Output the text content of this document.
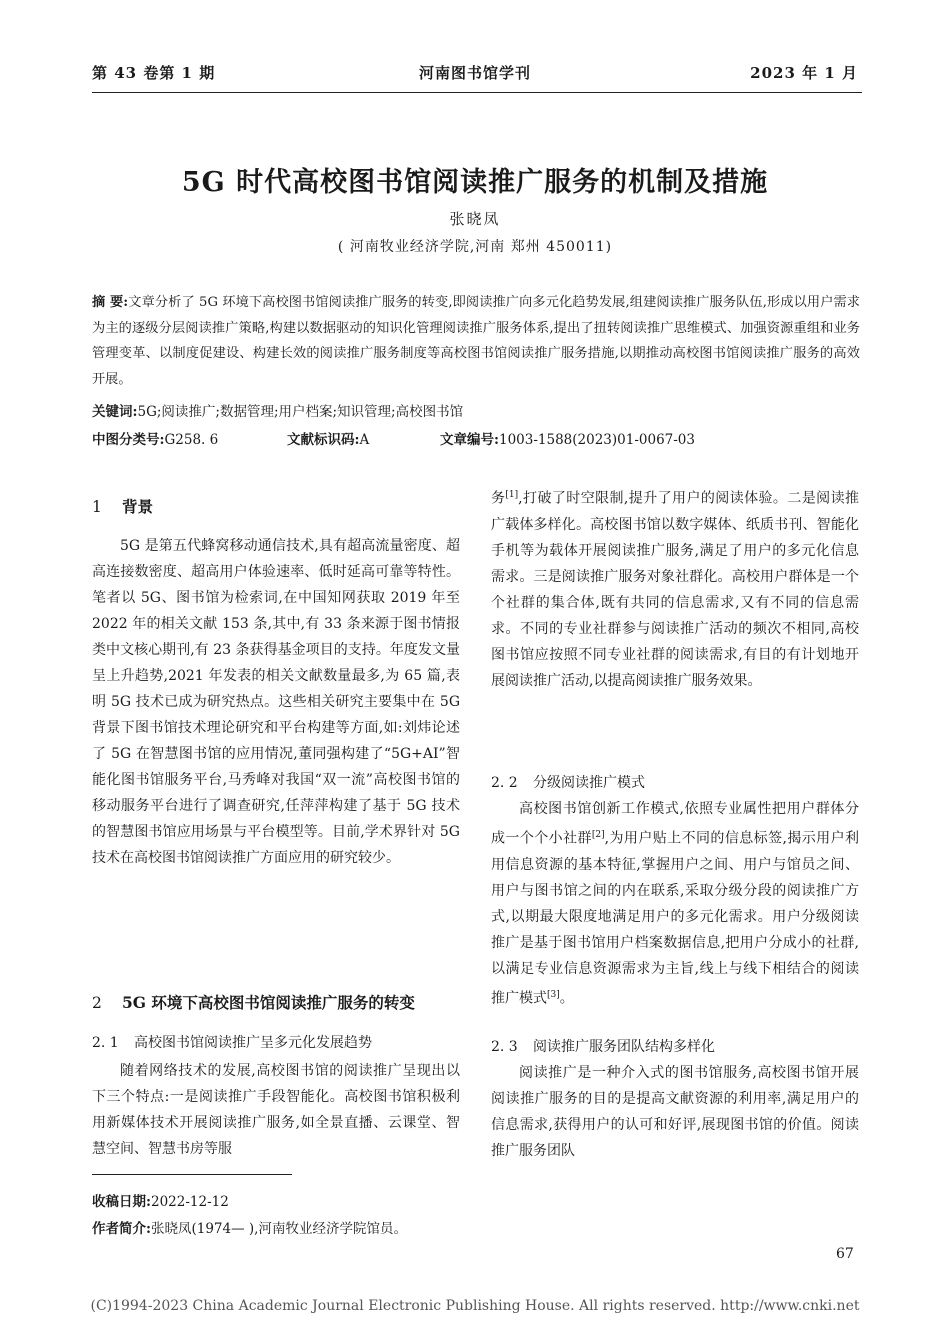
第 43 卷第 1 期	河南图书馆学刊	2023 年 1 月
5G 时代高校图书馆阅读推广服务的机制及措施
张晓凤
( 河南牧业经济学院,河南 郑州 450011)
摘 要:文章分析了 5G 环境下高校图书馆阅读推广服务的转变,即阅读推广向多元化趋势发展,组建阅读推广服务队伍,形成以用户需求为主的逐级分层阅读推广策略,构建以数据驱动的知识化管理阅读推广服务体系,提出了扭转阅读推广思维模式、加强资源重组和业务管理变革、以制度促建设、构建长效的阅读推广服务制度等高校图书馆阅读推广服务措施,以期推动高校图书馆阅读推广服务的高效开展。
关键词:5G;阅读推广;数据管理;用户档案;知识管理;高校图书馆
中图分类号:G258. 6	文献标识码:A	文章编号:1003-1588(2023)01-0067-03
1 背景

5G 是第五代蜂窝移动通信技术,具有超高流量密度、超高连接数密度、超高用户体验速率、低时延高可靠等特性。笔者以 5G、图书馆为检索词,在中国知网获取 2019 年至 2022 年的相关文献 153 条,其中,有 33 条来源于图书情报类中文核心期刊,有 23 条获得基金项目的支持。年度发文量呈上升趋势,2021 年发表的相关文献数量最多,为 65 篇,表明 5G 技术已成为研究热点。这些相关研究主要集中在 5G 背景下图书馆技术理论研究和平台构建等方面,如:刘炜论述了 5G 在智慧图书馆的应用情况,董同强构建了“5G+AI”智能化图书馆服务平台,马秀峰对我国“双一流”高校图书馆的移动服务平台进行了调查研究,任萍萍构建了基于 5G 技术的智慧图书馆应用场景与平台模型等。目前,学术界针对 5G 技术在高校图书馆阅读推广方面应用的研究较少。

2 5G 环境下高校图书馆阅读推广服务的转变
2. 1 高校图书馆阅读推广呈多元化发展趋势

随着网络技术的发展,高校图书馆的阅读推广呈现出以下三个特点:一是阅读推广手段智能化。高校图书馆积极利用新媒体技术开展阅读推广服务,如全景直播、云课堂、智慧空间、智慧书房等服

收稿日期:2022-12-12
作者简介:张晓凤(1974— ),河南牧业经济学院馆员。

务[1],打破了时空限制,提升了用户的阅读体验。二是阅读推广载体多样化。高校图书馆以数字媒体、纸质书刊、智能化手机等为载体开展阅读推广服务,满足了用户的多元化信息需求。三是阅读推广服务对象社群化。高校用户群体是一个个社群的集合体,既有共同的信息需求,又有不同的信息需求。不同的专业社群参与阅读推广活动的频次不相同,高校图书馆应按照不同专业社群的阅读需求,有目的有计划地开展阅读推广活动,以提高阅读推广服务效果。

2. 2 分级阅读推广模式

高校图书馆创新工作模式,依照专业属性把用户群体分成一个个小社群[2],为用户贴上不同的信息标签,揭示用户利用信息资源的基本特征,掌握用户之间、用户与馆员之间、用户与图书馆之间的内在联系,采取分级分段的阅读推广方式,以期最大限度地满足用户的多元化需求。用户分级阅读推广是基于图书馆用户档案数据信息,把用户分成小的社群,以满足专业信息资源需求为主旨,线上与线下相结合的阅读推广模式[3]。

2. 3 阅读推广服务团队结构多样化

阅读推广是一种介入式的图书馆服务,高校图书馆开展阅读推广服务的目的是提高文献资源的利用率,满足用户的信息需求,获得用户的认可和好评,展现图书馆的价值。阅读推广服务团队

67
(C)1994-2023 China Academic Journal Electronic Publishing House. All rights reserved. http://www.cnki.net
